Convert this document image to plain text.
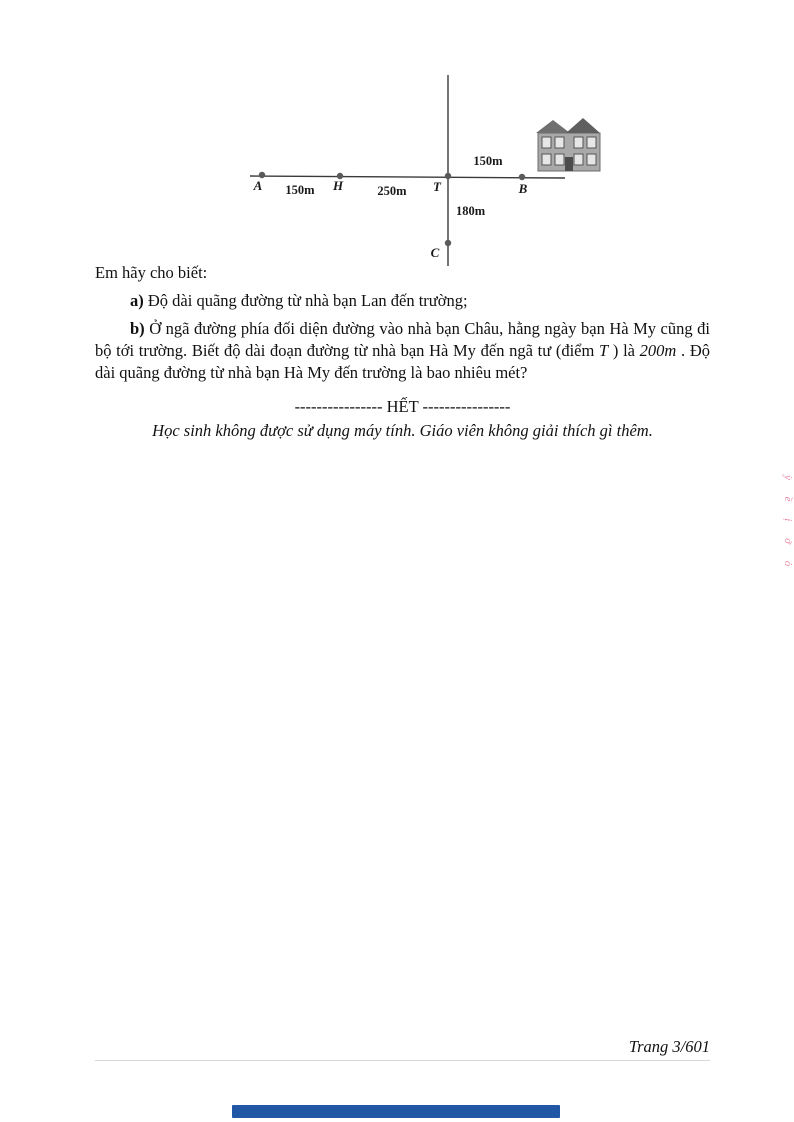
A	H	T	B
C
150m	250m
150m
180m
Em hãy cho biết:
a) Độ dài quãng đường từ nhà bạn Lan đến trường;
b) Ở ngã đường phía đối diện đường vào nhà bạn Châu, hằng ngày bạn Hà My cũng đi bộ tới trường. Biết độ dài đoạn đường từ nhà bạn Hà My đến ngã tư (điểm T ) là 200m . Độ dài quãng đường từ nhà bạn Hà My đến trường là bao nhiêu mét?
---------------- HẾT ----------------
Học sinh không được sử dụng máy tính. Giáo viên không giải thích gì thêm.
ỳ ề ị ớ ỏ
Trang 3/601
